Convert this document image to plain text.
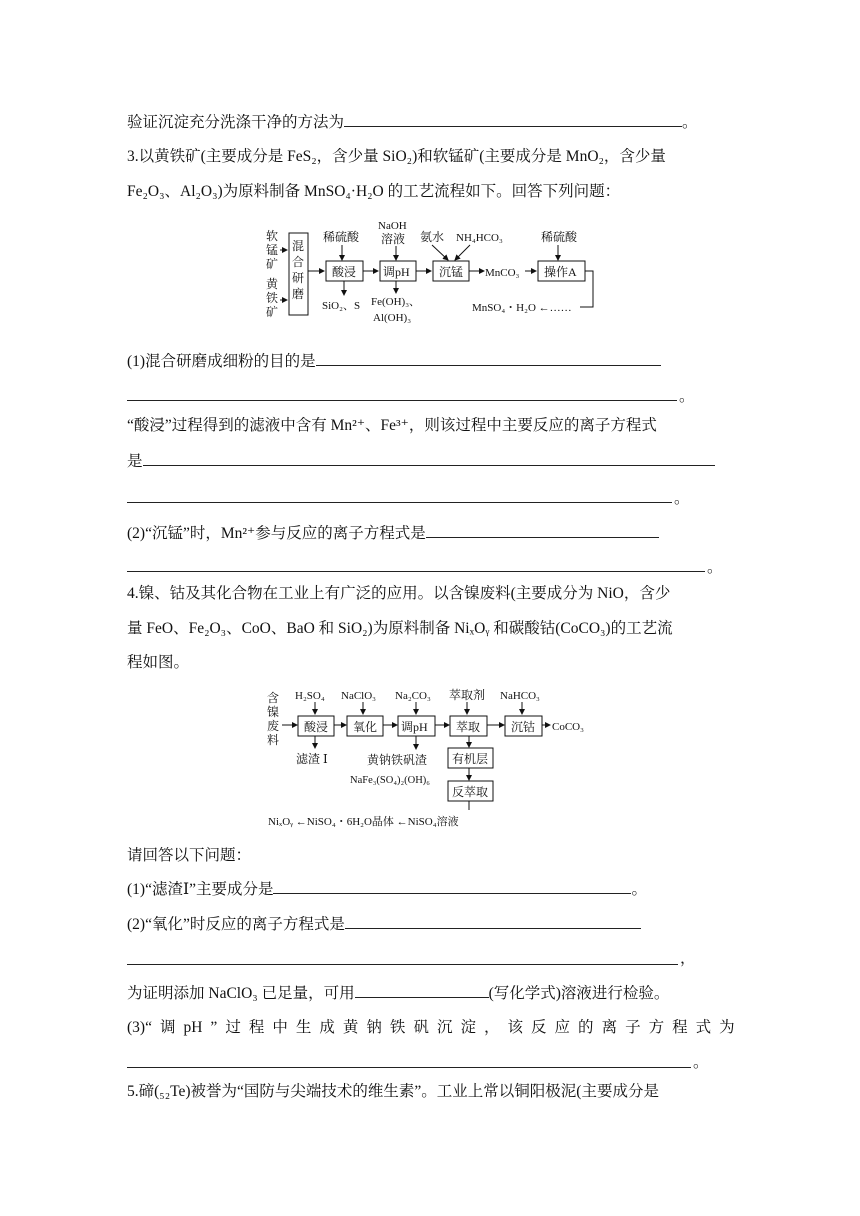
验证沉淀充分洗涤干净的方法为	。
3.以黄铁矿(主要成分是 FeS₂，含少量 SiO₂)和软锰矿(主要成分是 MnO₂，含少量
Fe₂O₃、Al₂O₃)为原料制备 MnSO₄·H₂O 的工艺流程如下。回答下列问题：
软
锰
矿
黄
铁
矿
混
合
研
磨
稀硫酸
酸浸
SiO₂、S
NaOH
溶液
调pH
Fe(OH)₃、
Al(OH)₃
氨水 NH₄HCO₃
沉锰 MnCO₃
稀硫酸
操作A
MnSO₄・H₂O ←……
(1)混合研磨成细粉的目的是
。
“酸浸”过程得到的滤液中含有 Mn²⁺、Fe³⁺，则该过程中主要反应的离子方程式
是
。
(2)“沉锰”时，Mn²⁺参与反应的离子方程式是
。
4.镍、钴及其化合物在工业上有广泛的应用。以含镍废料(主要成分为 NiO，含少
量 FeO、Fe₂O₃、CoO、BaO 和 SiO₂)为原料制备 NiₓOᵧ 和碳酸钴(CoCO₃)的工艺流
程如图。
含
镍
废
料
H₂SO₄
酸浸
滤渣 Ⅰ
NaClO₃
氧化
Na₂CO₃
调pH
黄钠铁矾渣
NaFe₃(SO₄)₂(OH)₆
萃取剂
萃取
NaHCO₃
沉钴 CoCO₃
有机层
反萃取
NiₓOᵧ ←NiSO₄・6H₂O晶体 ←NiSO₄溶液
请回答以下问题：
(1)“滤渣Ⅰ”主要成分是	。
(2)“氧化”时反应的离子方程式是
，
为证明添加 NaClO₃ 已足量，可用	(写化学式)溶液进行检验。
(3)“ 调 pH ” 过 程 中 生 成 黄 钠 铁 矾 沉 淀 ， 该 反 应 的 离 子 方 程 式 为
。
5.碲(₅₂Te)被誉为“国防与尖端技术的维生素”。工业上常以铜阳极泥(主要成分是
